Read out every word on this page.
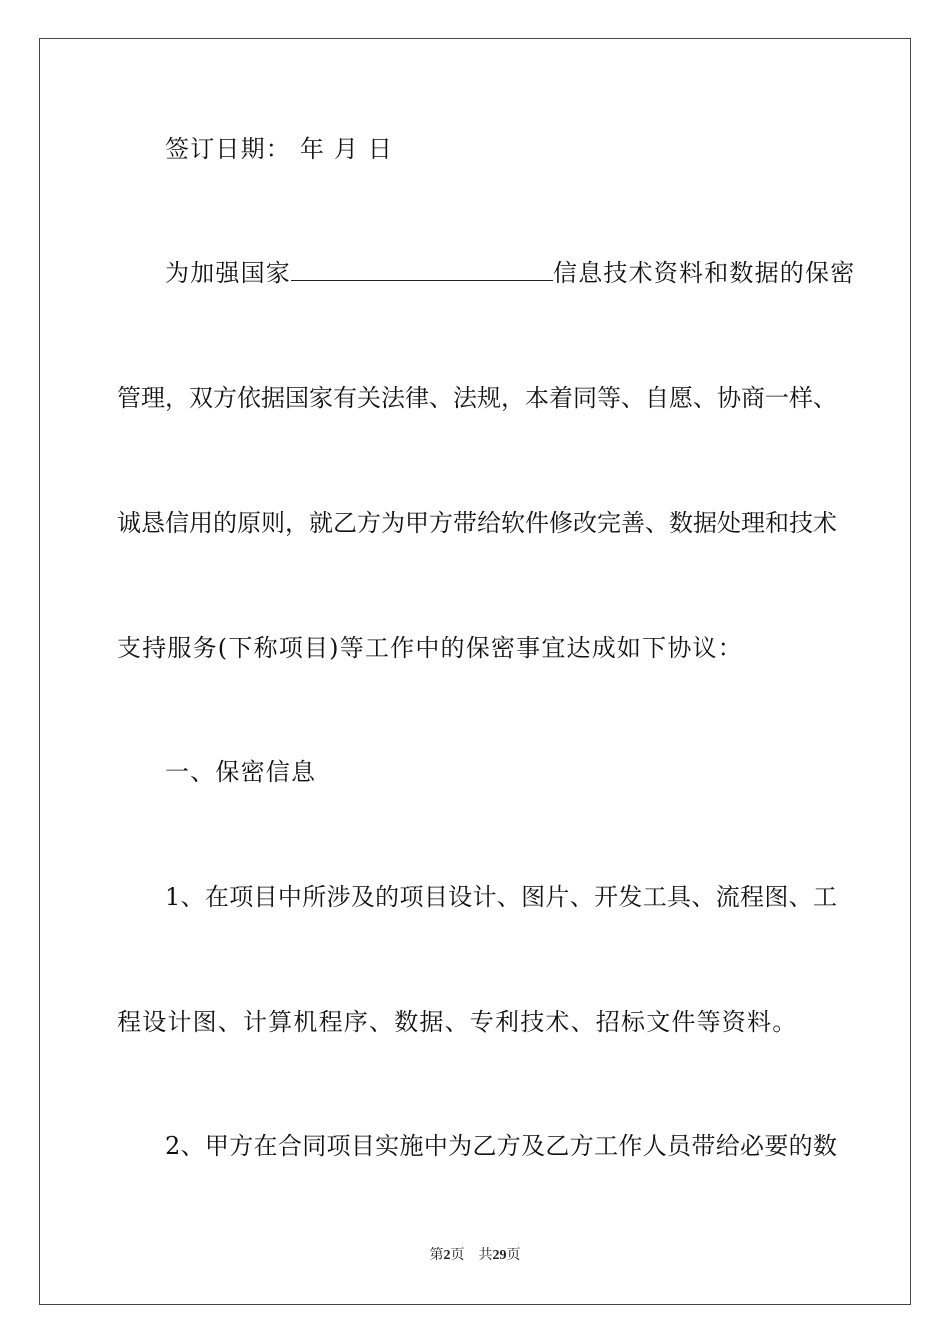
签订日期： 年 月 日
为加强国家	信息技术资料和数据的保密
管理，双方依据国家有关法律、法规，本着同等、自愿、协商一样、
诚恳信用的原则，就乙方为甲方带给软件修改完善、数据处理和技术
支持服务(下称项目)等工作中的保密事宜达成如下协议：
一、保密信息
1、在项目中所涉及的项目设计、图片、开发工具、流程图、工
程设计图、计算机程序、数据、专利技术、招标文件等资料。
2、甲方在合同项目实施中为乙方及乙方工作人员带给必要的数
第2页 共29页
